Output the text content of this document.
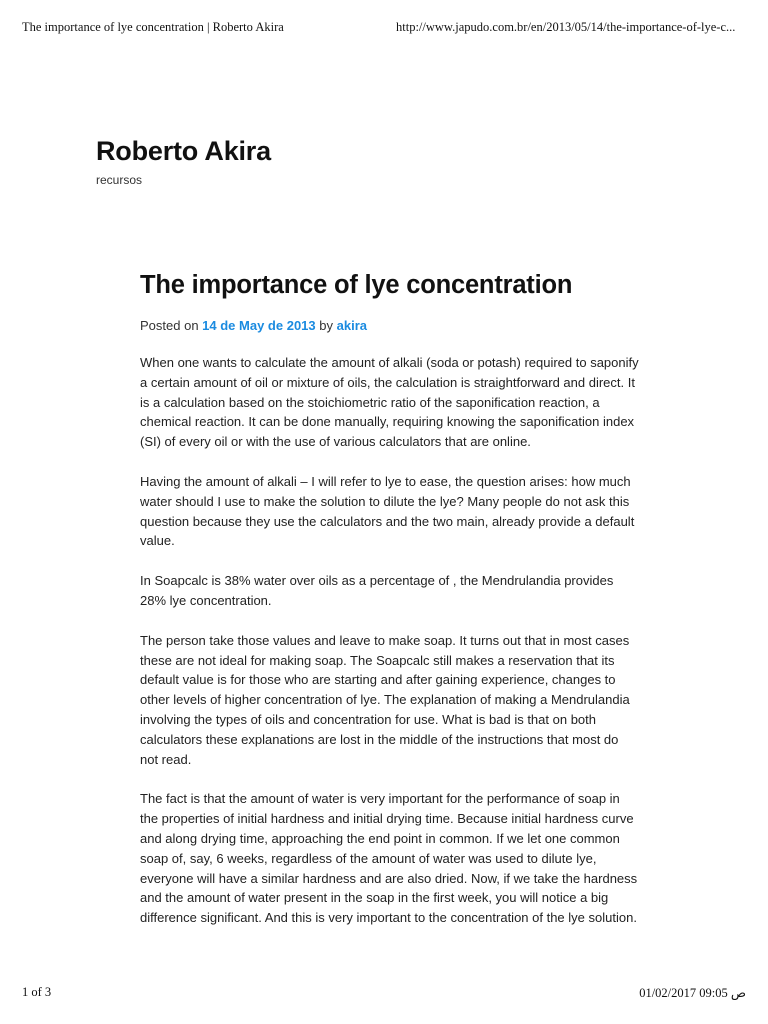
The importance of lye concentration | Roberto Akira	http://www.japudo.com.br/en/2013/05/14/the-importance-of-lye-c...
Roberto Akira
recursos
The importance of lye concentration
Posted on 14 de May de 2013 by akira

When one wants to calculate the amount of alkali (soda or potash) required to saponify a certain amount of oil or mixture of oils, the calculation is straightforward and direct. It is a calculation based on the stoichiometric ratio of the saponification reaction, a chemical reaction. It can be done manually, requiring knowing the saponification index (SI) of every oil or with the use of various calculators that are online.

Having the amount of alkali – I will refer to lye to ease, the question arises: how much water should I use to make the solution to dilute the lye? Many people do not ask this question because they use the calculators and the two main, already provide a default value.

In Soapcalc is 38% water over oils as a percentage of , the Mendrulandia provides 28% lye concentration.

The person take those values and leave to make soap. It turns out that in most cases these are not ideal for making soap. The Soapcalc still makes a reservation that its default value is for those who are starting and after gaining experience, changes to other levels of higher concentration of lye. The explanation of making a Mendrulandia involving the types of oils and concentration for use. What is bad is that on both calculators these explanations are lost in the middle of the instructions that most do not read.

The fact is that the amount of water is very important for the performance of soap in the properties of initial hardness and initial drying time. Because initial hardness curve and along drying time, approaching the end point in common. If we let one common soap of, say, 6 weeks, regardless of the amount of water was used to dilute lye, everyone will have a similar hardness and are also dried. Now, if we take the hardness and the amount of water present in the soap in the first week, you will notice a big difference significant. And this is very important to the concentration of the lye solution.

1 of 3	01/02/2017 09:05 ص
